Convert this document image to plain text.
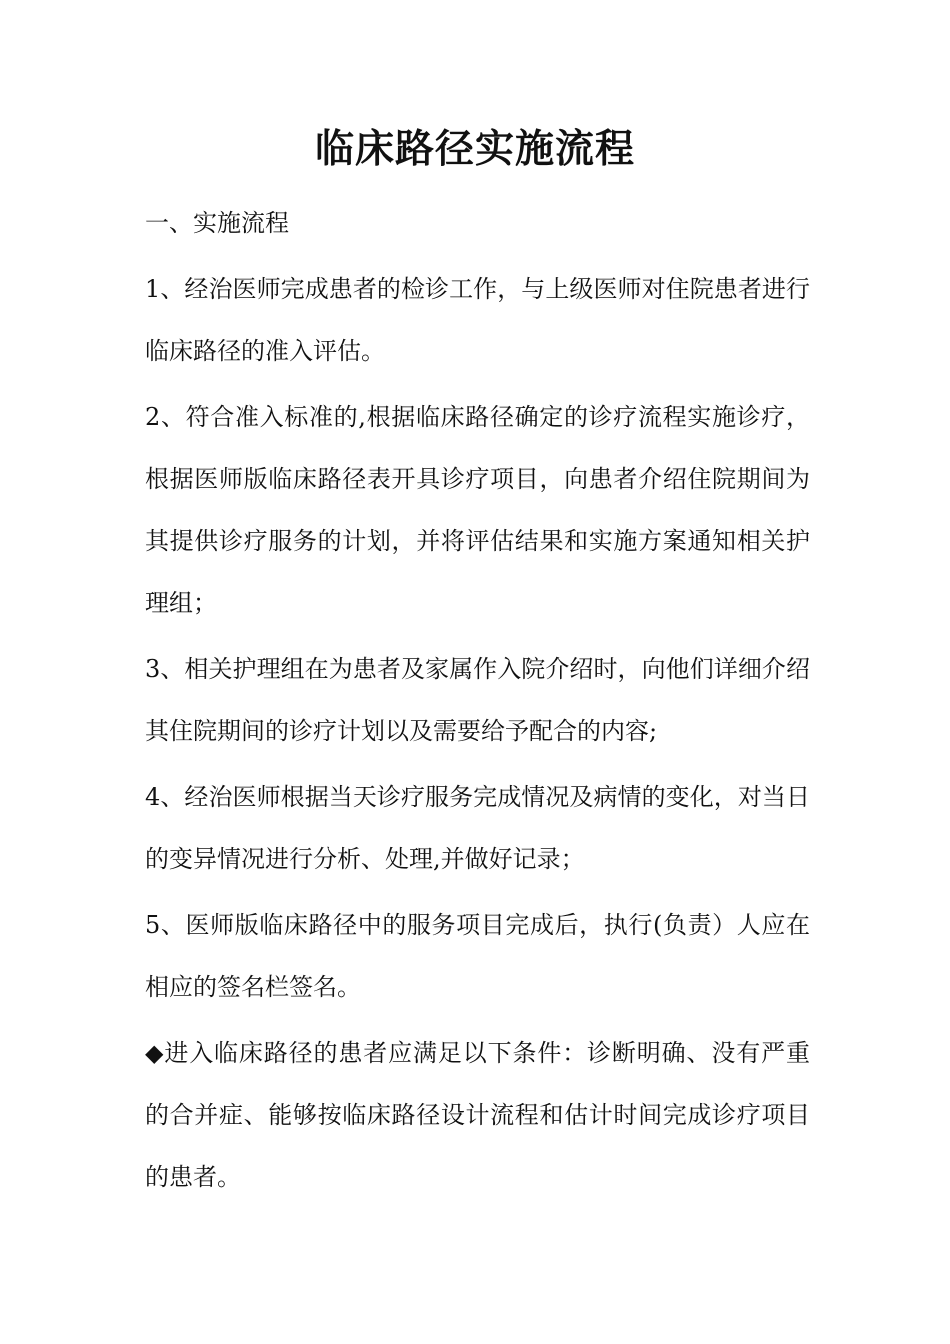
临床路径实施流程

一、实施流程

1、经治医师完成患者的检诊工作，与上级医师对住院患者进行临床路径的准入评估。

2、符合准入标准的,根据临床路径确定的诊疗流程实施诊疗，根据医师版临床路径表开具诊疗项目，向患者介绍住院期间为其提供诊疗服务的计划，并将评估结果和实施方案通知相关护理组；

3、相关护理组在为患者及家属作入院介绍时，向他们详细介绍其住院期间的诊疗计划以及需要给予配合的内容;

4、经治医师根据当天诊疗服务完成情况及病情的变化，对当日的变异情况进行分析、处理,并做好记录；

5、医师版临床路径中的服务项目完成后，执行(负责）人应在相应的签名栏签名。

◆进入临床路径的患者应满足以下条件：诊断明确、没有严重的合并症、能够按临床路径设计流程和估计时间完成诊疗项目的患者。
